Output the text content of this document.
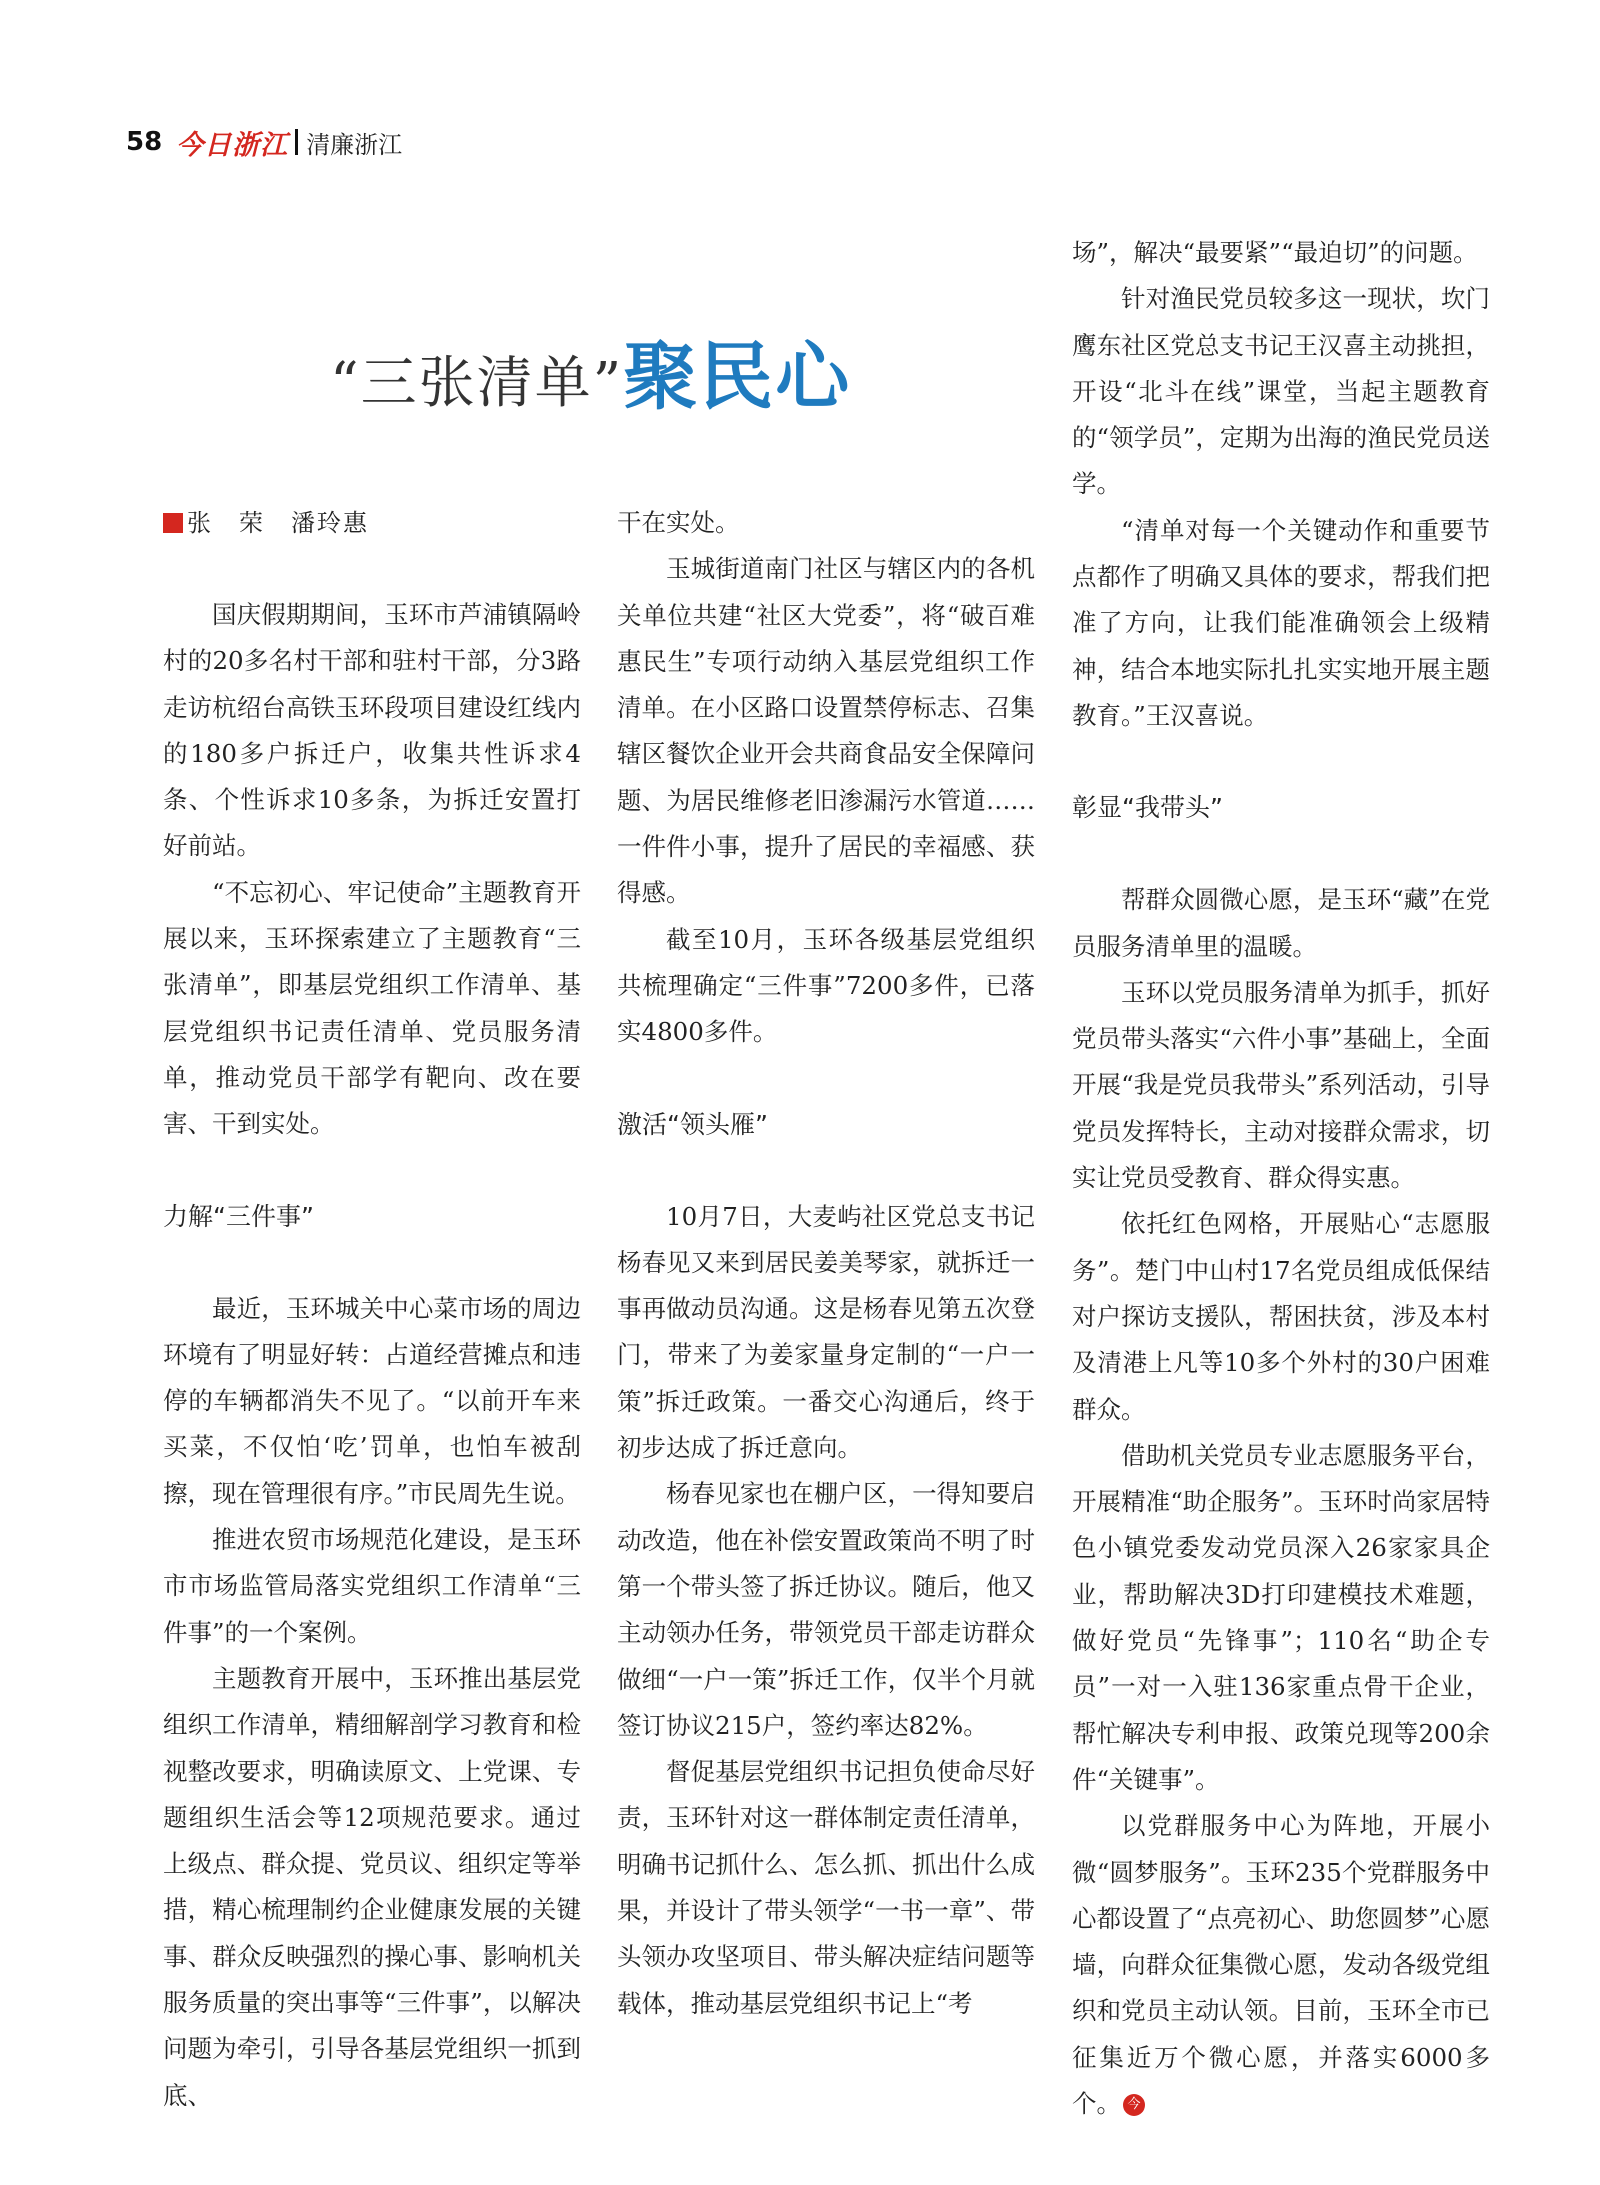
58 今日浙江 清廉浙江
“三张清单”聚民心
张　荣　潘玲惠

国庆假期期间，玉环市芦浦镇隔岭村的20多名村干部和驻村干部，分3路走访杭绍台高铁玉环段项目建设红线内的180多户拆迁户，收集共性诉求4条、个性诉求10多条，为拆迁安置打好前站。

“不忘初心、牢记使命”主题教育开展以来，玉环探索建立了主题教育“三张清单”，即基层党组织工作清单、基层党组织书记责任清单、党员服务清单，推动党员干部学有靶向、改在要害、干到实处。

力解“三件事”

最近，玉环城关中心菜市场的周边环境有了明显好转：占道经营摊点和违停的车辆都消失不见了。“以前开车来买菜，不仅怕‘吃’罚单，也怕车被刮擦，现在管理很有序。”市民周先生说。

推进农贸市场规范化建设，是玉环市市场监管局落实党组织工作清单“三件事”的一个案例。

主题教育开展中，玉环推出基层党组织工作清单，精细解剖学习教育和检视整改要求，明确读原文、上党课、专题组织生活会等12项规范要求。通过上级点、群众提、党员议、组织定等举措，精心梳理制约企业健康发展的关键事、群众反映强烈的操心事、影响机关服务质量的突出事等“三件事”，以解决问题为牵引，引导各基层党组织一抓到底、

干在实处。

玉城街道南门社区与辖区内的各机关单位共建“社区大党委”，将“破百难惠民生”专项行动纳入基层党组织工作清单。在小区路口设置禁停标志、召集辖区餐饮企业开会共商食品安全保障问题、为居民维修老旧渗漏污水管道……一件件小事，提升了居民的幸福感、获得感。

截至10月，玉环各级基层党组织共梳理确定“三件事”7200多件，已落实4800多件。

激活“领头雁”

10月7日，大麦屿社区党总支书记杨春见又来到居民姜美琴家，就拆迁一事再做动员沟通。这是杨春见第五次登门，带来了为姜家量身定制的“一户一策”拆迁政策。一番交心沟通后，终于初步达成了拆迁意向。

杨春见家也在棚户区，一得知要启动改造，他在补偿安置政策尚不明了时第一个带头签了拆迁协议。随后，他又主动领办任务，带领党员干部走访群众做细“一户一策”拆迁工作，仅半个月就签订协议215户，签约率达82%。

督促基层党组织书记担负使命尽好责，玉环针对这一群体制定责任清单，明确书记抓什么、怎么抓、抓出什么成果，并设计了带头领学“一书一章”、带头领办攻坚项目、带头解决症结问题等载体，推动基层党组织书记上“考

场”，解决“最要紧”“最迫切”的问题。

针对渔民党员较多这一现状，坎门鹰东社区党总支书记王汉喜主动挑担，开设“北斗在线”课堂，当起主题教育的“领学员”，定期为出海的渔民党员送学。

“清单对每一个关键动作和重要节点都作了明确又具体的要求，帮我们把准了方向，让我们能准确领会上级精神，结合本地实际扎扎实实地开展主题教育。”王汉喜说。

彰显“我带头”

帮群众圆微心愿，是玉环“藏”在党员服务清单里的温暖。

玉环以党员服务清单为抓手，抓好党员带头落实“六件小事”基础上，全面开展“我是党员我带头”系列活动，引导党员发挥特长，主动对接群众需求，切实让党员受教育、群众得实惠。

依托红色网格，开展贴心“志愿服务”。楚门中山村17名党员组成低保结对户探访支援队，帮困扶贫，涉及本村及清港上凡等10多个外村的30户困难群众。

借助机关党员专业志愿服务平台，开展精准“助企服务”。玉环时尚家居特色小镇党委发动党员深入26家家具企业，帮助解决3D打印建模技术难题，做好党员“先锋事”；110名“助企专员”一对一入驻136家重点骨干企业，帮忙解决专利申报、政策兑现等200余件“关键事”。

以党群服务中心为阵地，开展小微“圆梦服务”。玉环235个党群服务中心都设置了“点亮初心、助您圆梦”心愿墙，向群众征集微心愿，发动各级党组织和党员主动认领。目前，玉环全市已征集近万个微心愿，并落实6000多个。 今
